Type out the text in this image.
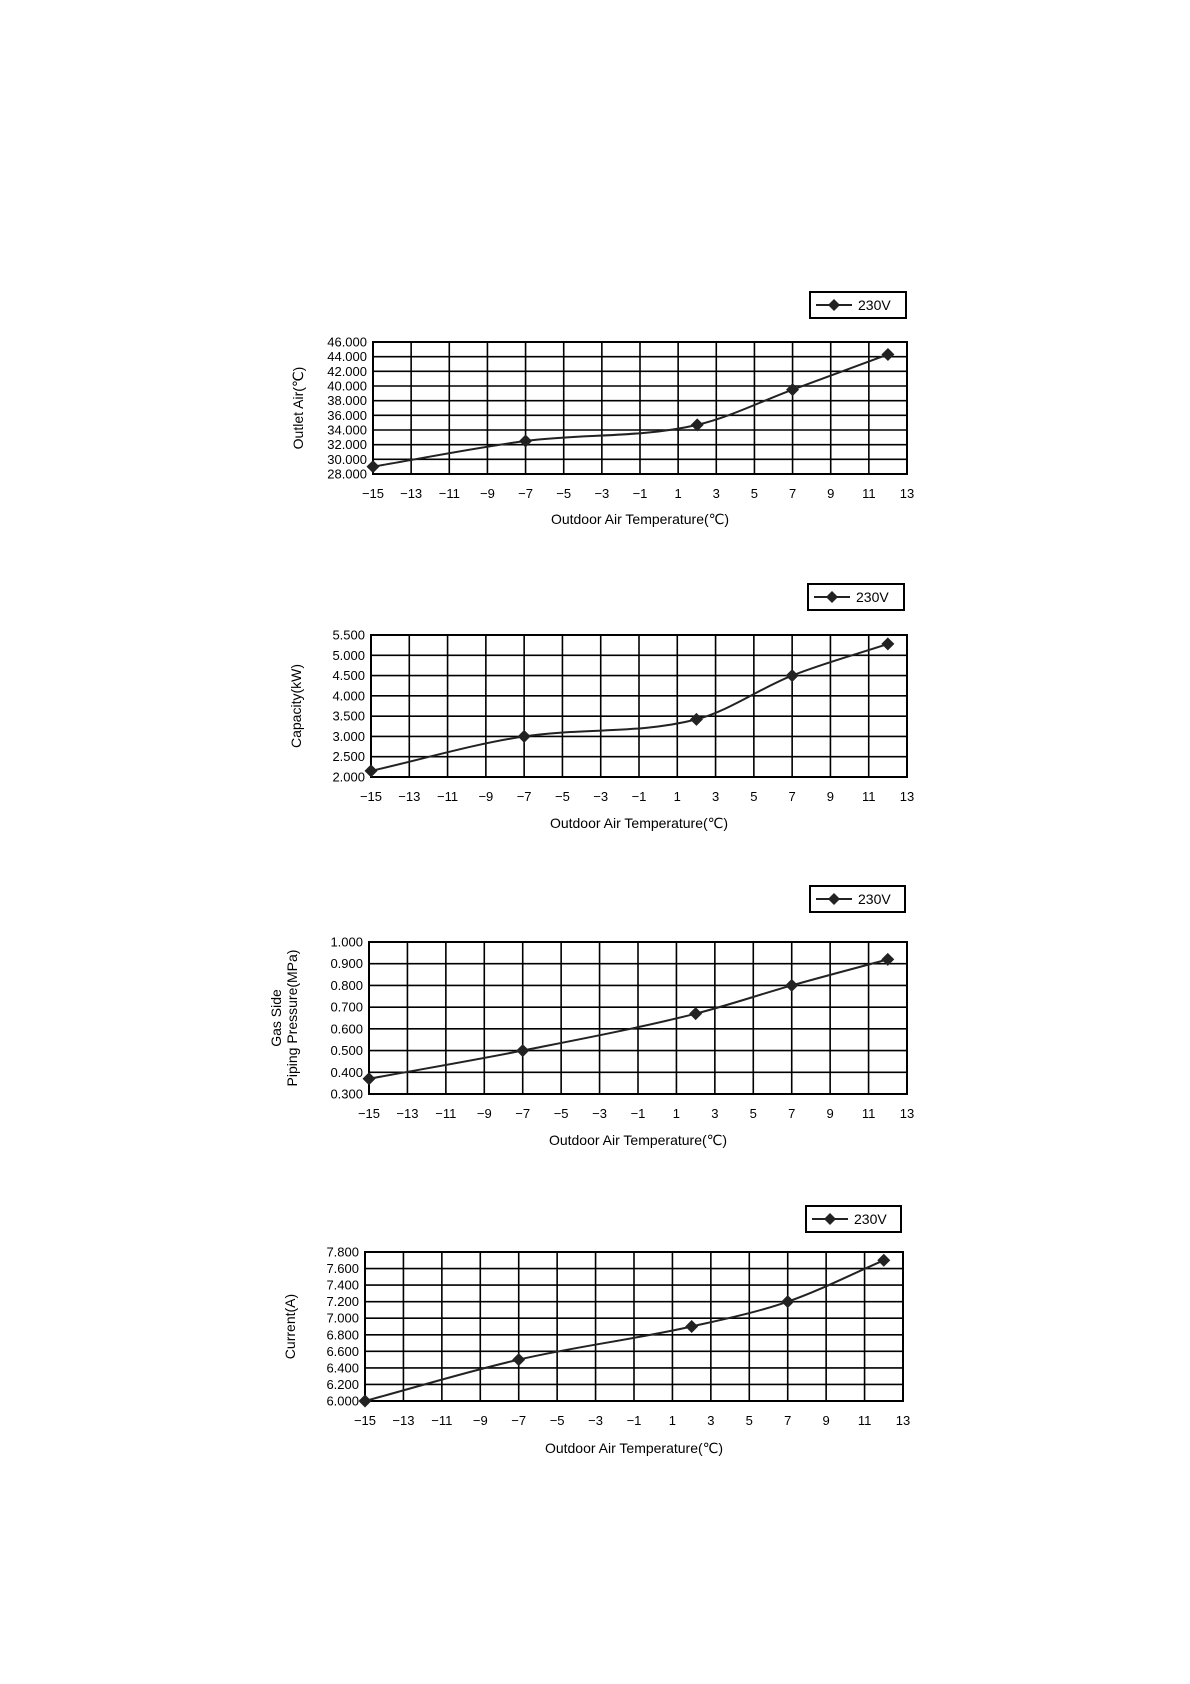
28.000
30.000
32.000
34.000
36.000
38.000
40.000
42.000
44.000
46.000
−15 −13 −11 −9 −7 −5 −3 −1 1 3 5 7 9 11 13
Outdoor Air Temperature(℃)
Outlet Air(℃)
230V
2.000
2.500
3.000
3.500
4.000
4.500
5.000
5.500
−15 −13 −11 −9 −7 −5 −3 −1 1 3 5 7 9 11 13
Outdoor Air Temperature(℃)
Capacity(kW)
230V
0.300
0.400
0.500
0.600
0.700
0.800
0.900
1.000
−15 −13 −11 −9 −7 −5 −3 −1 1 3 5 7 9 11 13
Outdoor Air Temperature(℃)
Gas Side Piping Pressure(MPa)
230V
6.000
6.200
6.400
6.600
6.800
7.000
7.200
7.400
7.600
7.800
−15 −13 −11 −9 −7 −5 −3 −1 1 3 5 7 9 11 13
Outdoor Air Temperature(℃)
Current(A)
230V
